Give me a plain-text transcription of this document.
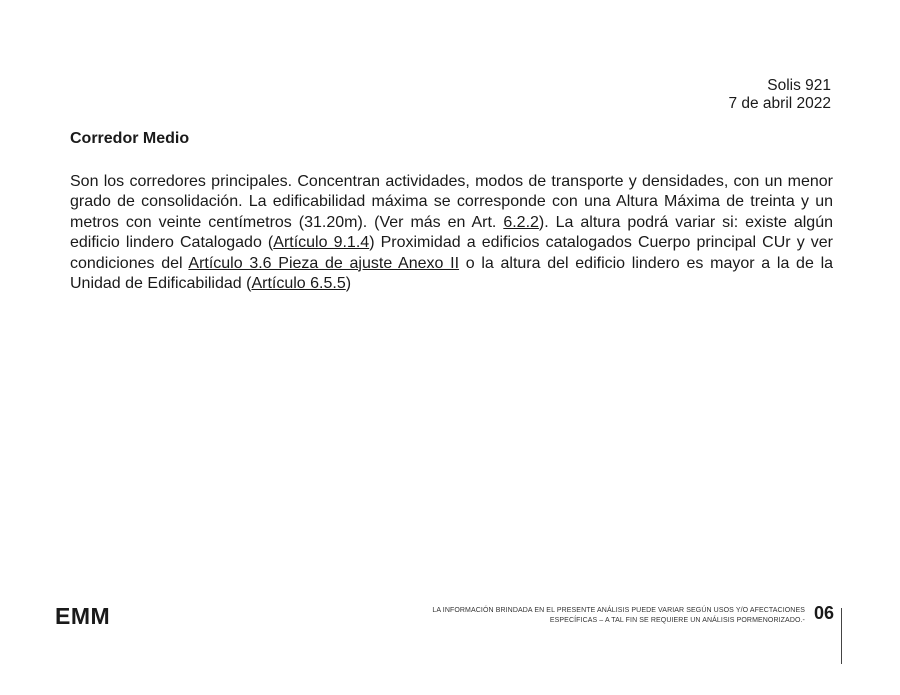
Solis 921
7 de abril 2022
Corredor Medio
Son los corredores principales. Concentran actividades, modos de transporte y densidades, con un menor grado de consolidación. La edificabilidad máxima se corresponde con una Altura Máxima de treinta y un metros con veinte centímetros (31.20m). (Ver más en Art. 6.2.2). La altura podrá variar si: existe algún edificio lindero Catalogado (Artículo 9.1.4) Proximidad a edificios catalogados Cuerpo principal CUr y ver condiciones del Artículo 3.6 Pieza de ajuste Anexo II o la altura del edificio lindero es mayor a la de la Unidad de Edificabilidad (Artículo 6.5.5)
EMM	LA INFORMACIÓN BRINDADA EN EL PRESENTE ANÁLISIS PUEDE VARIAR SEGÚN USOS Y/O AFECTACIONES
ESPECÍFICAS – A TAL FIN SE REQUIERE UN ANÁLISIS PORMENORIZADO.- 06
